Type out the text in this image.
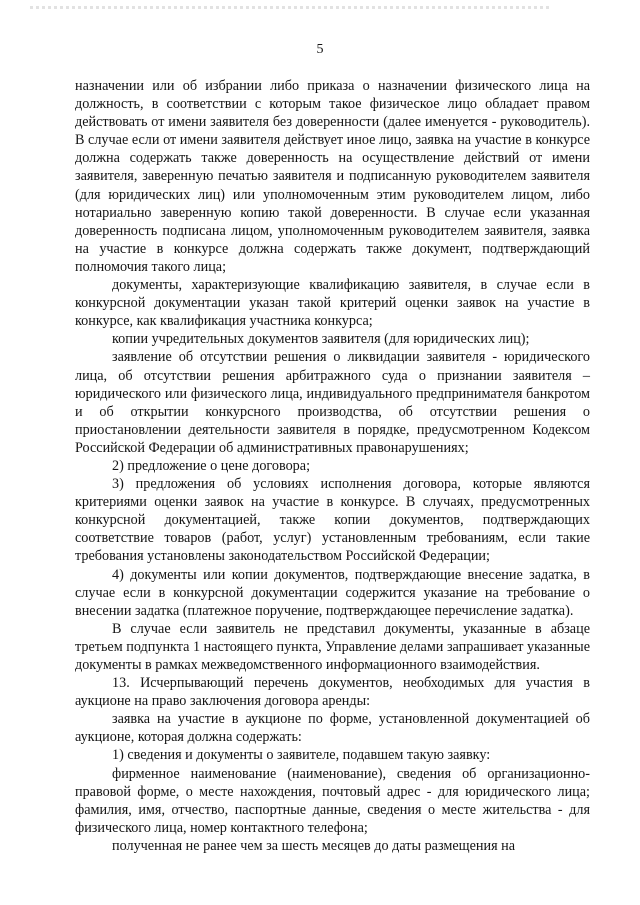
5

назначении или об избрании либо приказа о назначении физического лица на должность, в соответствии с которым такое физическое лицо обладает правом действовать от имени заявителя без доверенности (далее именуется - руководитель). В случае если от имени заявителя действует иное лицо, заявка на участие в конкурсе должна содержать также доверенность на осуществление действий от имени заявителя, заверенную печатью заявителя и подписанную руководителем заявителя (для юридических лиц) или уполномоченным этим руководителем лицом, либо нотариально заверенную копию такой доверенности. В случае если указанная доверенность подписана лицом, уполномоченным руководителем заявителя, заявка на участие в конкурсе должна содержать также документ, подтверждающий полномочия такого лица;

документы, характеризующие квалификацию заявителя, в случае если в конкурсной документации указан такой критерий оценки заявок на участие в конкурсе, как квалификация участника конкурса;

копии учредительных документов заявителя (для юридических лиц);

заявление об отсутствии решения о ликвидации заявителя - юридического лица, об отсутствии решения арбитражного суда о признании заявителя – юридического или физического лица, индивидуального предпринимателя банкротом и об открытии конкурсного производства, об отсутствии решения о приостановлении деятельности заявителя в порядке, предусмотренном Кодексом Российской Федерации об административных правонарушениях;

2) предложение о цене договора;

3) предложения об условиях исполнения договора, которые являются критериями оценки заявок на участие в конкурсе. В случаях, предусмотренных конкурсной документацией, также копии документов, подтверждающих соответствие товаров (работ, услуг) установленным требованиям, если такие требования установлены законодательством Российской Федерации;

4) документы или копии документов, подтверждающие внесение задатка, в случае если в конкурсной документации содержится указание на требование о внесении задатка (платежное поручение, подтверждающее перечисление задатка).

В случае если заявитель не представил документы, указанные в абзаце третьем подпункта 1 настоящего пункта, Управление делами запрашивает указанные документы в рамках межведомственного информационного взаимодействия.

13. Исчерпывающий перечень документов, необходимых для участия в аукционе на право заключения договора аренды:

заявка на участие в аукционе по форме, установленной документацией об аукционе, которая должна содержать:

1) сведения и документы о заявителе, подавшем такую заявку:

фирменное наименование (наименование), сведения об организационно-правовой форме, о месте нахождения, почтовый адрес - для юридического лица; фамилия, имя, отчество, паспортные данные, сведения о месте жительства - для физического лица, номер контактного телефона;

полученная не ранее чем за шесть месяцев до даты размещения на
